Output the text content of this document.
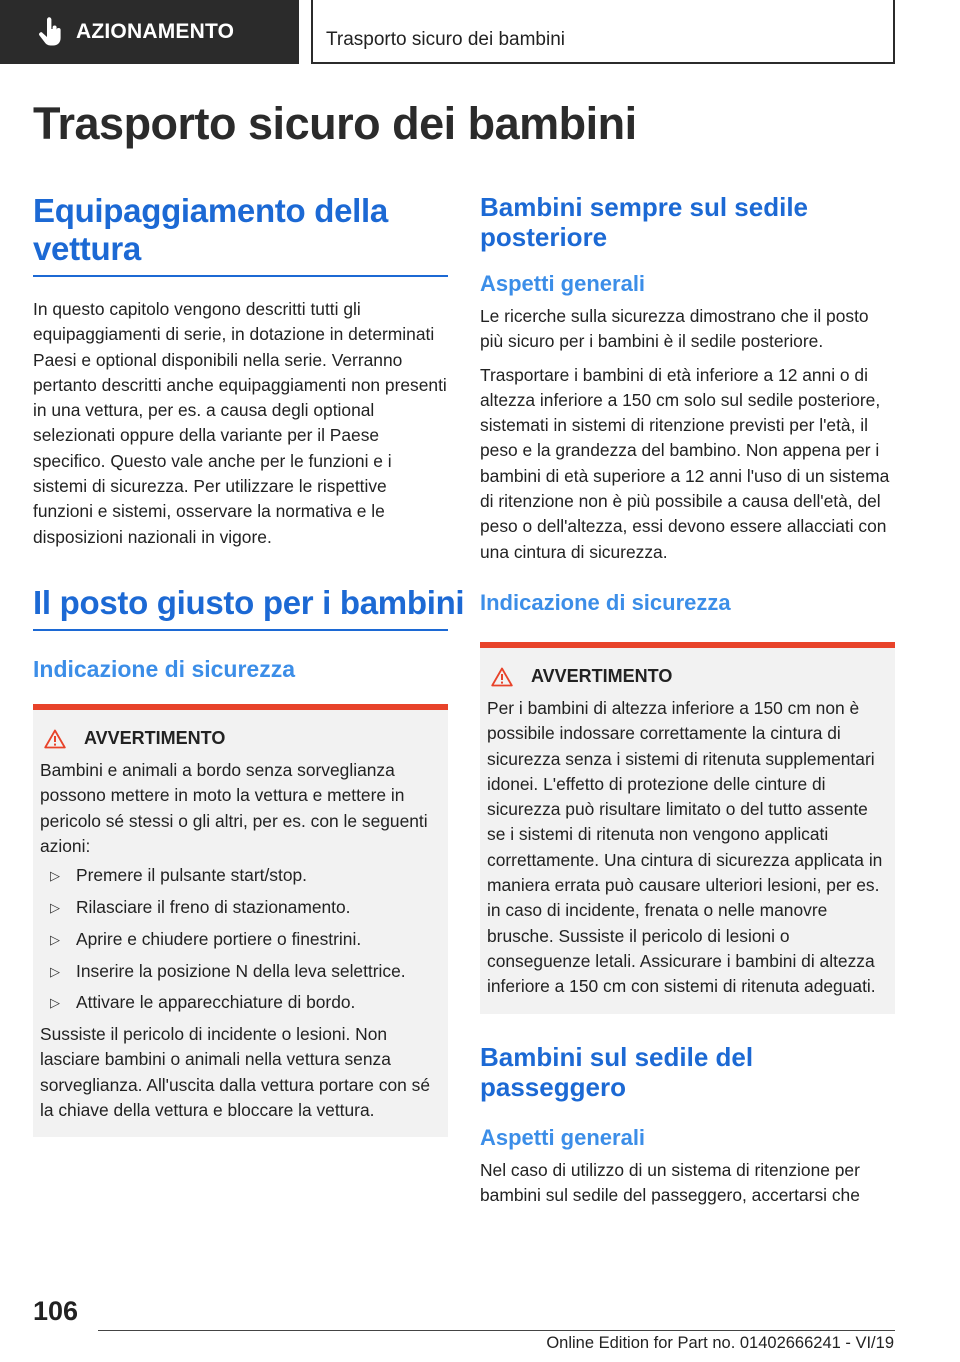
AZIONAMENTO	Trasporto sicuro dei bambini
Trasporto sicuro dei bambini
Equipaggiamento della vettura

In questo capitolo vengono descritti tutti gli equipaggiamenti di serie, in dotazione in determinati Paesi e optional disponibili nella serie. Verranno pertanto descritti anche equipaggiamenti non presenti in una vettura, per es. a causa degli optional selezionati oppure della variante per il Paese specifico. Questo vale anche per le funzioni e i sistemi di sicurezza. Per utilizzare le rispettive funzioni e sistemi, osservare la normativa e le disposizioni nazionali in vigore.

Il posto giusto per i bambini
Indicazione di sicurezza
AVVERTIMENTO

Bambini e animali a bordo senza sorveglianza possono mettere in moto la vettura e mettere in pericolo sé stessi o gli altri, per es. con le seguenti azioni:

▷ Premere il pulsante start/stop.
▷ Rilasciare il freno di stazionamento.
▷ Aprire e chiudere portiere o finestrini.
▷ Inserire la posizione N della leva selettrice.
▷ Attivare le apparecchiature di bordo.

Sussiste il pericolo di incidente o lesioni. Non lasciare bambini o animali nella vettura senza sorveglianza. All'uscita dalla vettura portare con sé la chiave della vettura e bloccare la vettura.

Bambini sempre sul sedile posteriore
Aspetti generali

Le ricerche sulla sicurezza dimostrano che il posto più sicuro per i bambini è il sedile posteriore.

Trasportare i bambini di età inferiore a 12 anni o di altezza inferiore a 150 cm solo sul sedile posteriore, sistemati in sistemi di ritenzione previsti per l'età, il peso e la grandezza del bambino. Non appena per i bambini di età superiore a 12 anni l'uso di un sistema di ritenzione non è più possibile a causa dell'età, del peso o dell'altezza, essi devono essere allacciati con una cintura di sicurezza.

Indicazione di sicurezza
AVVERTIMENTO

Per i bambini di altezza inferiore a 150 cm non è possibile indossare correttamente la cintura di sicurezza senza i sistemi di ritenuta supplementari idonei. L'effetto di protezione delle cinture di sicurezza può risultare limitato o del tutto assente se i sistemi di ritenuta non vengono applicati correttamente. Una cintura di sicurezza applicata in maniera errata può causare ulteriori lesioni, per es. in caso di incidente, frenata o nelle manovre brusche. Sussiste il pericolo di lesioni o conseguenze letali. Assicurare i bambini di altezza inferiore a 150 cm con sistemi di ritenuta adeguati.

Bambini sul sedile del passeggero
Aspetti generali

Nel caso di utilizzo di un sistema di ritenzione per bambini sul sedile del passeggero, accertarsi che

106
Online Edition for Part no. 01402666241 - VI/19
